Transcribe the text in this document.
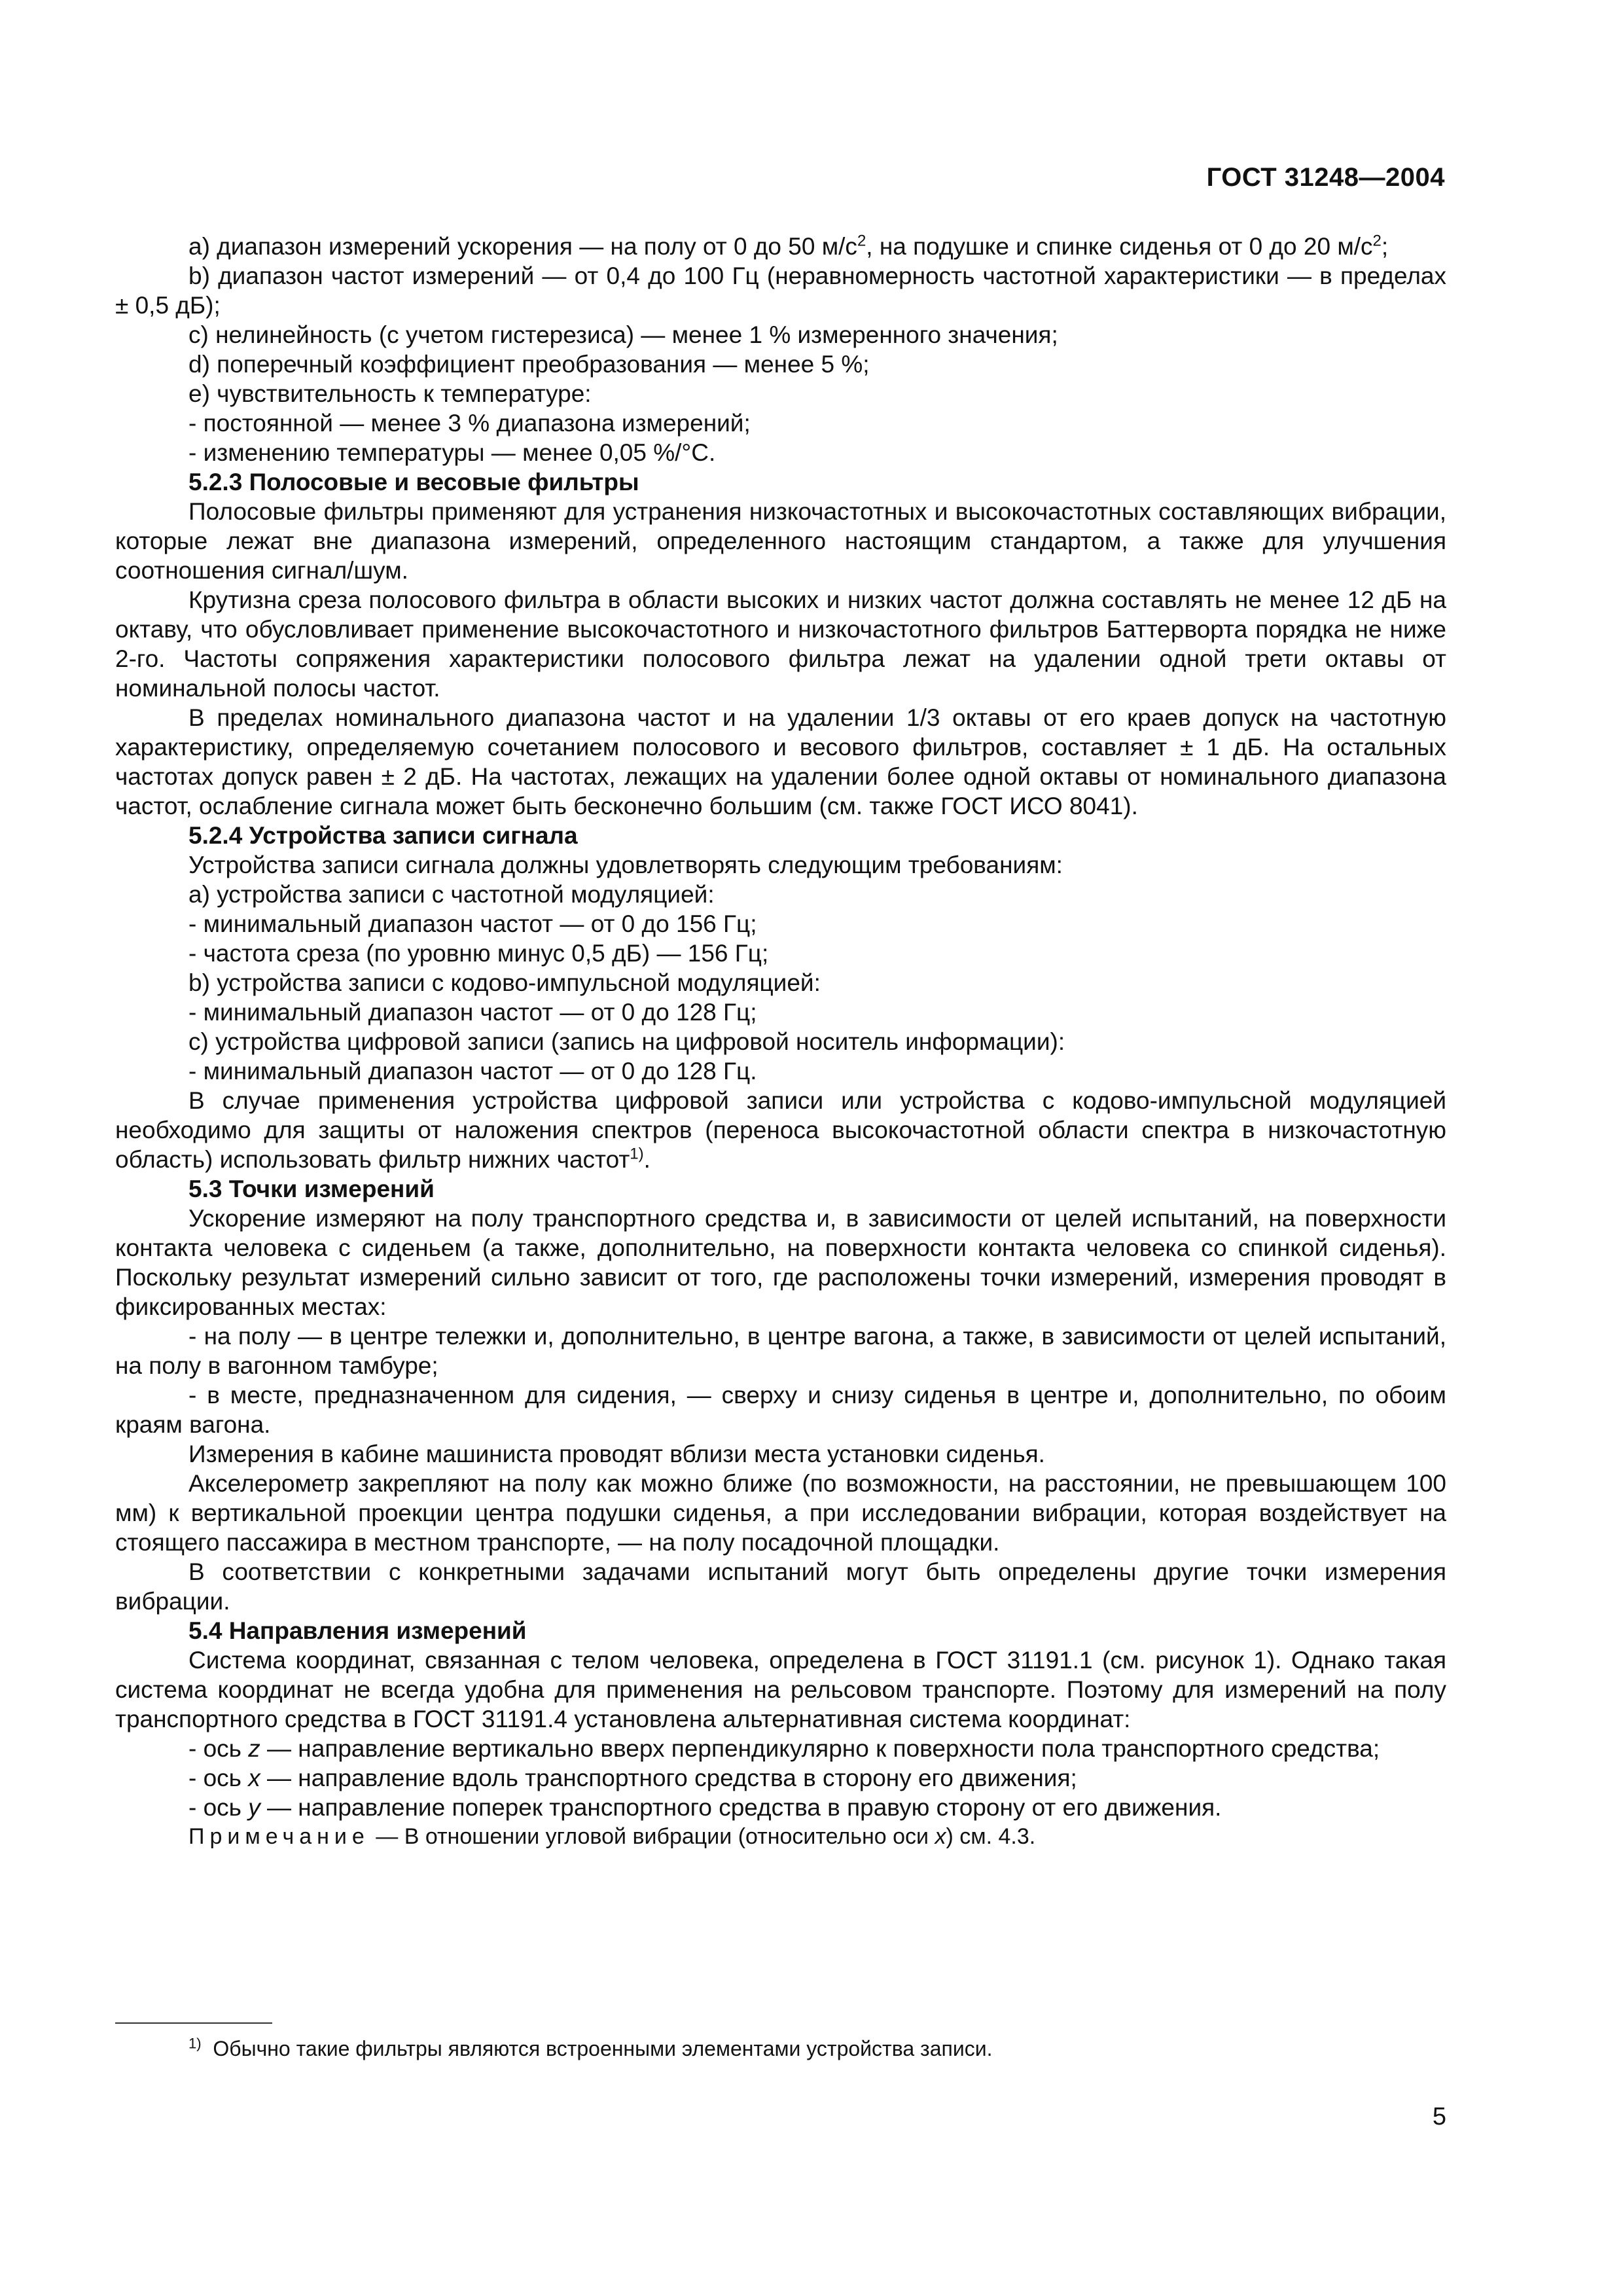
ГОСТ 31248—2004

а) диапазон измерений ускорения — на полу от 0 до 50 $м/с^2$, на подушке и спинке сиденья от 0 до 20 $м/с^2$;

b) диапазон частот измерений — от 0,4 до 100 Гц (неравномерность частотной характеристики — в пределах ± 0,5 дБ);

c) нелинейность (с учетом гистерезиса) — менее 1 % измеренного значения;

d) поперечный коэффициент преобразования — менее 5 %;

e) чувствительность к температуре:

- постоянной — менее 3 % диапазона измерений;

- изменению температуры — менее 0,05 %/°С.

5.2.3 Полосовые и весовые фильтры

Полосовые фильтры применяют для устранения низкочастотных и высокочастотных составляющих вибрации, которые лежат вне диапазона измерений, определенного настоящим стандартом, а также для улучшения соотношения сигнал/шум.

Крутизна среза полосового фильтра в области высоких и низких частот должна составлять не менее 12 дБ на октаву, что обусловливает применение высокочастотного и низкочастотного фильтров Баттерворта порядка не ниже 2-го. Частоты сопряжения характеристики полосового фильтра лежат на удалении одной трети октавы от номинальной полосы частот.

В пределах номинального диапазона частот и на удалении 1/3 октавы от его краев допуск на частотную характеристику, определяемую сочетанием полосового и весового фильтров, составляет ± 1 дБ. На остальных частотах допуск равен ± 2 дБ. На частотах, лежащих на удалении более одной октавы от номинального диапазона частот, ослабление сигнала может быть бесконечно большим (см. также ГОСТ ИСО 8041).

5.2.4 Устройства записи сигнала

Устройства записи сигнала должны удовлетворять следующим требованиям:

а) устройства записи с частотной модуляцией:

- минимальный диапазон частот — от 0 до 156 Гц;

- частота среза (по уровню минус 0,5 дБ) — 156 Гц;

b) устройства записи с кодово-импульсной модуляцией:

- минимальный диапазон частот — от 0 до 128 Гц;

c) устройства цифровой записи (запись на цифровой носитель информации):

- минимальный диапазон частот — от 0 до 128 Гц.

В случае применения устройства цифровой записи или устройства с кодово-импульсной модуляцией необходимо для защиты от наложения спектров (переноса высокочастотной области спектра в низкочастотную область) использовать фильтр нижних частот$^{1)}$.

5.3 Точки измерений

Ускорение измеряют на полу транспортного средства и, в зависимости от целей испытаний, на поверхности контакта человека с сиденьем (а также, дополнительно, на поверхности контакта человека со спинкой сиденья). Поскольку результат измерений сильно зависит от того, где расположены точки измерений, измерения проводят в фиксированных местах:

- на полу — в центре тележки и, дополнительно, в центре вагона, а также, в зависимости от целей испытаний, на полу в вагонном тамбуре;

- в месте, предназначенном для сидения, — сверху и снизу сиденья в центре и, дополнительно, по обоим краям вагона.

Измерения в кабине машиниста проводят вблизи места установки сиденья.

Акселерометр закрепляют на полу как можно ближе (по возможности, на расстоянии, не превышающем 100 мм) к вертикальной проекции центра подушки сиденья, а при исследовании вибрации, которая воздействует на стоящего пассажира в местном транспорте, — на полу посадочной площадки.

В соответствии с конкретными задачами испытаний могут быть определены другие точки измерения вибрации.

5.4 Направления измерений

Система координат, связанная с телом человека, определена в ГОСТ 31191.1 (см. рисунок 1). Однако такая система координат не всегда удобна для применения на рельсовом транспорте. Поэтому для измерений на полу транспортного средства в ГОСТ 31191.4 установлена альтернативная система координат:

- ось z — направление вертикально вверх перпендикулярно к поверхности пола транспортного средства;

- ось x — направление вдоль транспортного средства в сторону его движения;

- ось y — направление поперек транспортного средства в правую сторону от его движения.

Примечание — В отношении угловой вибрации (относительно оси x) см. 4.3.

$^{1)}$ Обычно такие фильтры являются встроенными элементами устройства записи.
5
